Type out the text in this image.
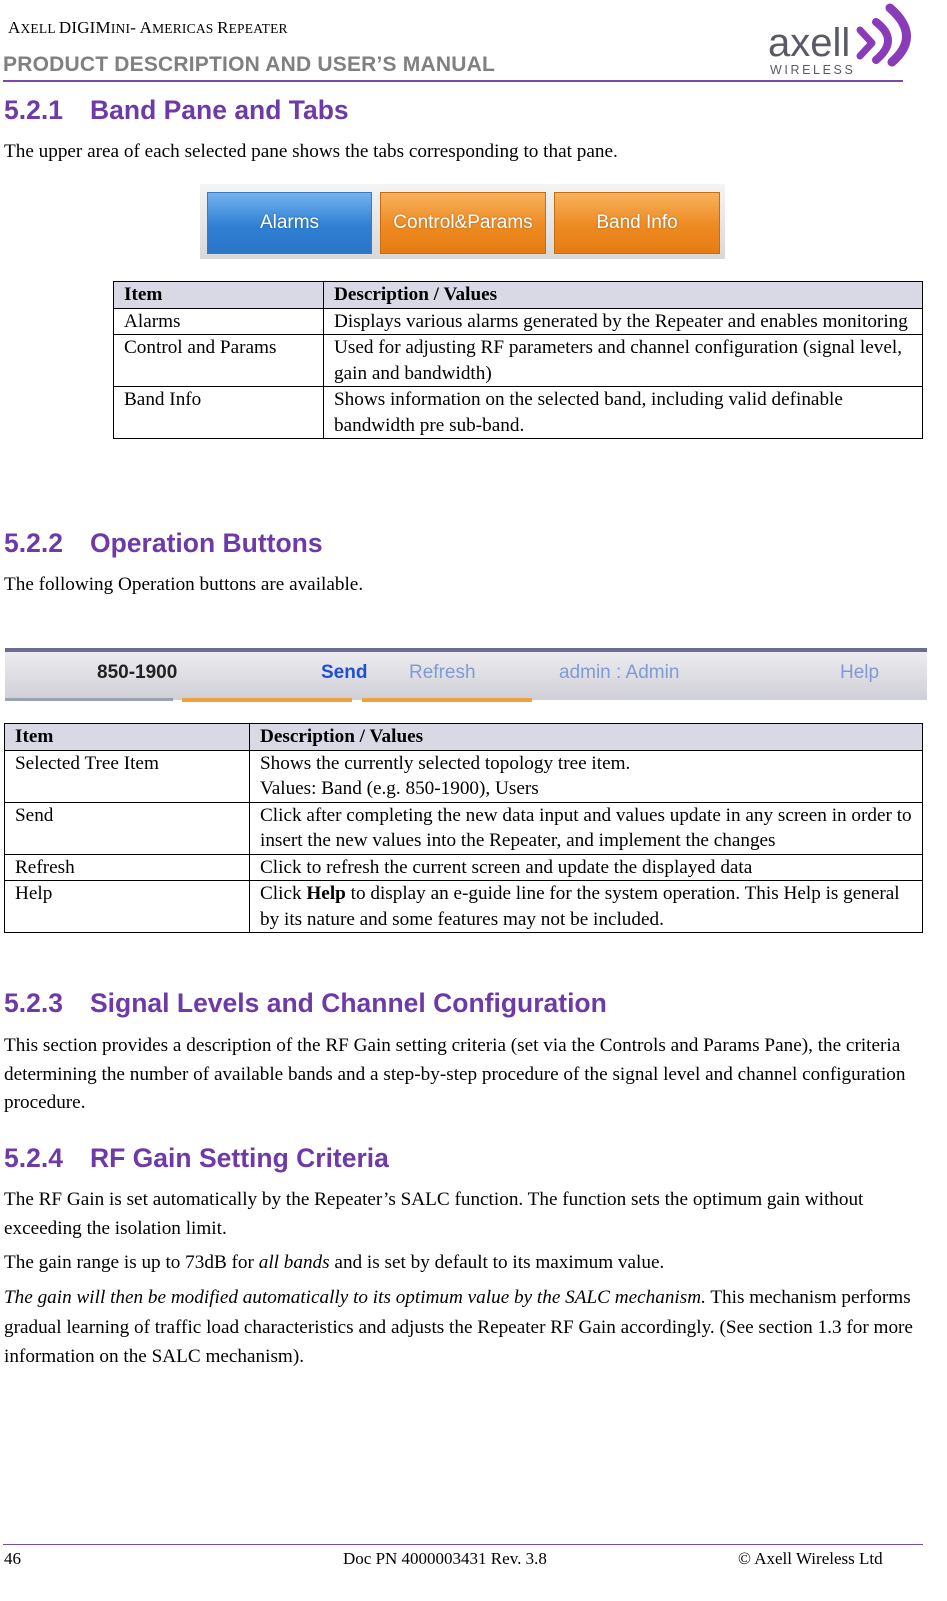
AXELL DIGIMINI- AMERICAS REPEATER
PRODUCT DESCRIPTION AND USER’S MANUAL	axell
WIRELESS
5.2.1 Band Pane and Tabs
The upper area of each selected pane shows the tabs corresponding to that pane.
Alarms	Control&Params	Band Info
Item	Description / Values
Alarms	Displays various alarms generated by the Repeater and enables monitoring
Control and Params	Used for adjusting RF parameters and channel configuration (signal level, gain and bandwidth)
Band Info	Shows information on the selected band, including valid definable bandwidth pre sub-band.
5.2.2 Operation Buttons
The following Operation buttons are available.
850-1900	Send Refresh	admin : Admin	Help
Item	Description / Values
Selected Tree Item	Shows the currently selected topology tree item.
Values: Band (e.g. 850-1900), Users
Send	Click after completing the new data input and values update in any screen in order to insert the new values into the Repeater, and implement the changes
Refresh	Click to refresh the current screen and update the displayed data
Help	Click Help to display an e-guide line for the system operation. This Help is general by its nature and some features may not be included.
5.2.3 Signal Levels and Channel Configuration
This section provides a description of the RF Gain setting criteria (set via the Controls and Params Pane), the criteria determining the number of available bands and a step-by-step procedure of the signal level and channel configuration procedure.
5.2.4 RF Gain Setting Criteria
The RF Gain is set automatically by the Repeater’s SALC function. The function sets the optimum gain without exceeding the isolation limit.
The gain range is up to 73dB for all bands and is set by default to its maximum value.
The gain will then be modified automatically to its optimum value by the SALC mechanism. This mechanism performs gradual learning of traffic load characteristics and adjusts the Repeater RF Gain accordingly. (See section 1.3 for more information on the SALC mechanism).
46	Doc PN 4000003431 Rev. 3.8	© Axell Wireless Ltd
